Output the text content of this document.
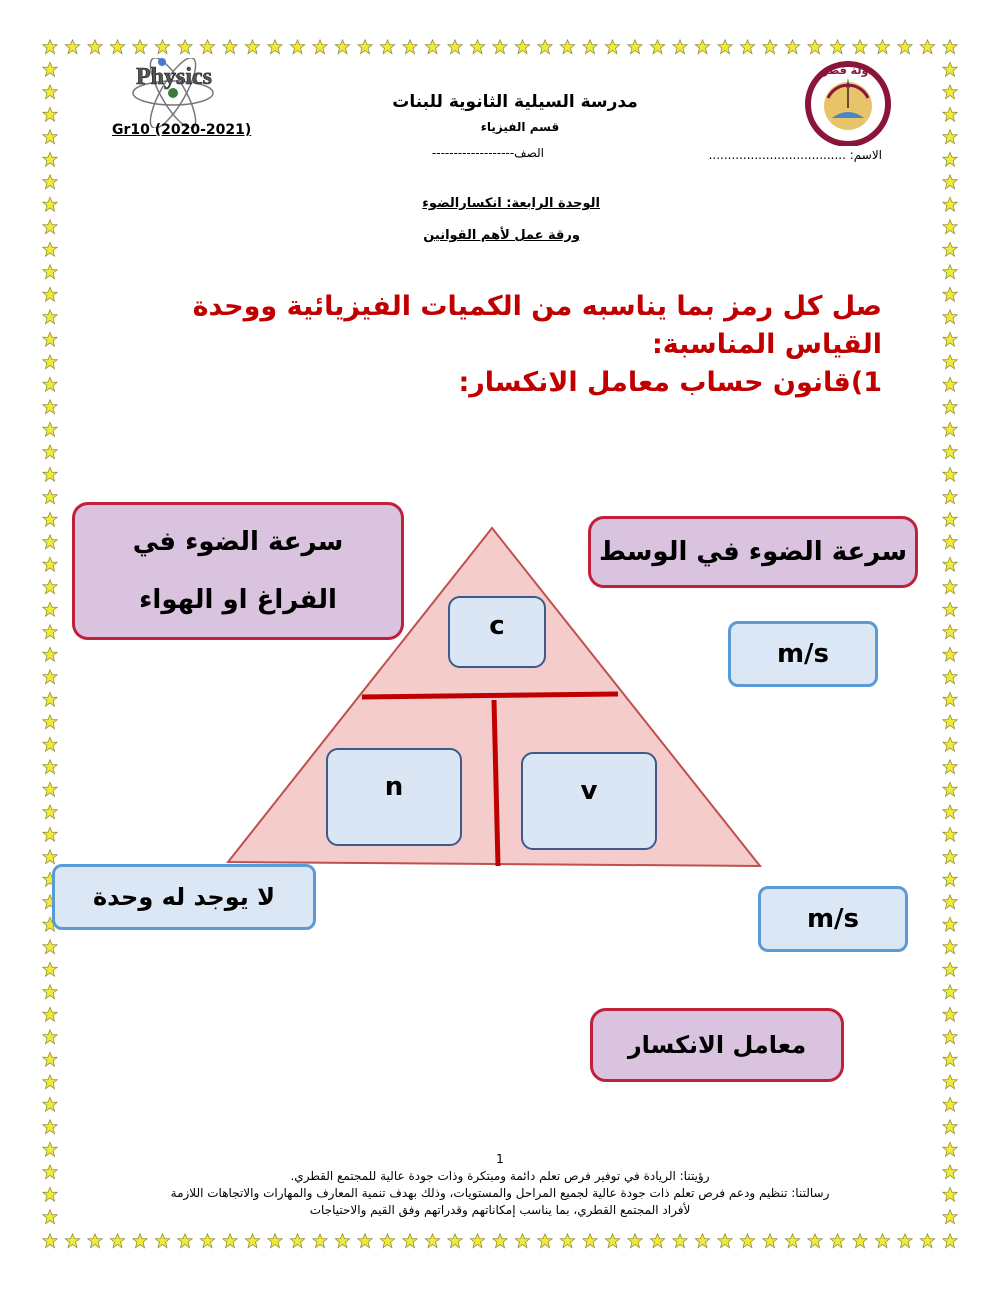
Physics	دولة قطر
مدرسة السيلية الثانوية للبنات
قسم الفيزياء
Gr10 (2020-2021)
الاسم: ....................................
الصف-------------------
الوحدة الرابعة: انكسارالضوء
ورقة عمل لأهم القوانين
صل كل رمز بما يناسبه من الكميات الفيزيائية ووحدة القياس المناسبة:
1)قانون حساب معامل الانكسار:
c
n	v
سرعة الضوء في الفراغ او الهواء
سرعة الضوء في الوسط
m/s
لا يوجد له وحدة
m/s
معامل الانكسار
1
رؤيتنا: الريادة في توفير فرص تعلم دائمة ومبتكرة وذات جودة عالية للمجتمع القطري.
رسالتنا: تنظيم ودعم فرص تعلم ذات جودة عالية لجميع المراحل والمستويات، وذلك بهدف تنمية المعارف والمهارات والاتجاهات اللازمة
لأفراد المجتمع القطري، بما يناسب إمكاناتهم وقدراتهم وفق القيم والاحتياجات
